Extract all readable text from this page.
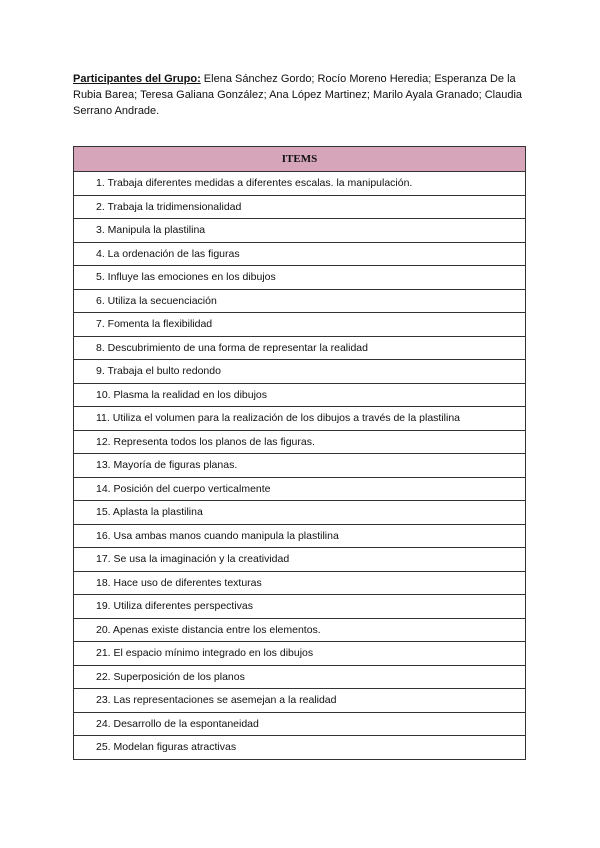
Participantes del Grupo: Elena Sánchez Gordo; Rocío Moreno Heredia; Esperanza De la Rubia Barea; Teresa Galiana González; Ana López Martinez; Marilo Ayala Granado; Claudia Serrano Andrade.

ITEMS
1. Trabaja diferentes medidas a diferentes escalas. la manipulación.
2. Trabaja la tridimensionalidad
3. Manipula la plastilina
4. La ordenación de las figuras
5. Influye las emociones en los dibujos
6. Utiliza la secuenciación
7. Fomenta la flexibilidad
8. Descubrimiento de una forma de representar la realidad
9. Trabaja el bulto redondo
10. Plasma la realidad en los dibujos
11. Utiliza el volumen para la realización de los dibujos a través de la plastilina
12. Representa todos los planos de las figuras.
13. Mayoría de figuras planas.
14. Posición del cuerpo verticalmente
15. Aplasta la plastilina
16. Usa ambas manos cuando manipula la plastilina
17. Se usa la imaginación y la creatividad
18. Hace uso de diferentes texturas
19. Utiliza diferentes perspectivas
20. Apenas existe distancia entre los elementos.
21. El espacio mínimo integrado en los dibujos
22. Superposición de los planos
23. Las representaciones se asemejan a la realidad
24. Desarrollo de la espontaneidad
25. Modelan figuras atractivas
